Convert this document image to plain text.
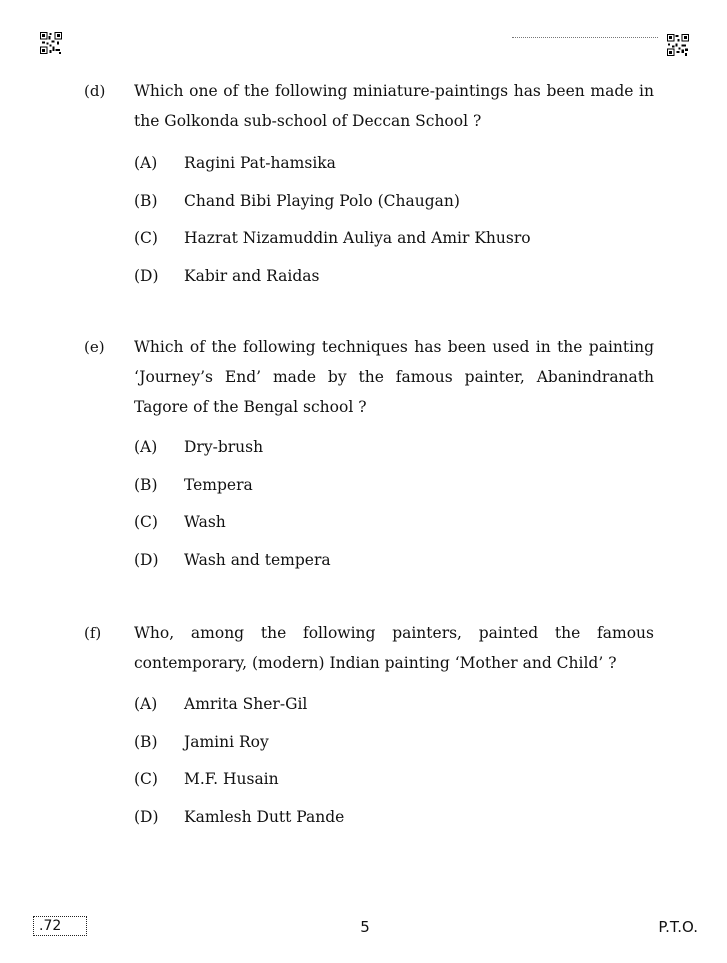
(d) Which one of the following miniature-paintings has been made in the Golkonda sub-school of Deccan School ?
(A) Ragini Pat-hamsika
(B) Chand Bibi Playing Polo (Chaugan)
(C) Hazrat Nizamuddin Auliya and Amir Khusro
(D) Kabir and Raidas
(e) Which of the following techniques has been used in the painting ‘Journey’s End’ made by the famous painter, Abanindranath Tagore of the Bengal school ?
(A) Dry-brush
(B) Tempera
(C) Wash
(D) Wash and tempera
(f) Who, among the following painters, painted the famous contemporary, (modern) Indian painting ‘Mother and Child’ ?
(A) Amrita Sher-Gil
(B) Jamini Roy
(C) M.F. Husain
(D) Kamlesh Dutt Pande
.72	5	P.T.O.
